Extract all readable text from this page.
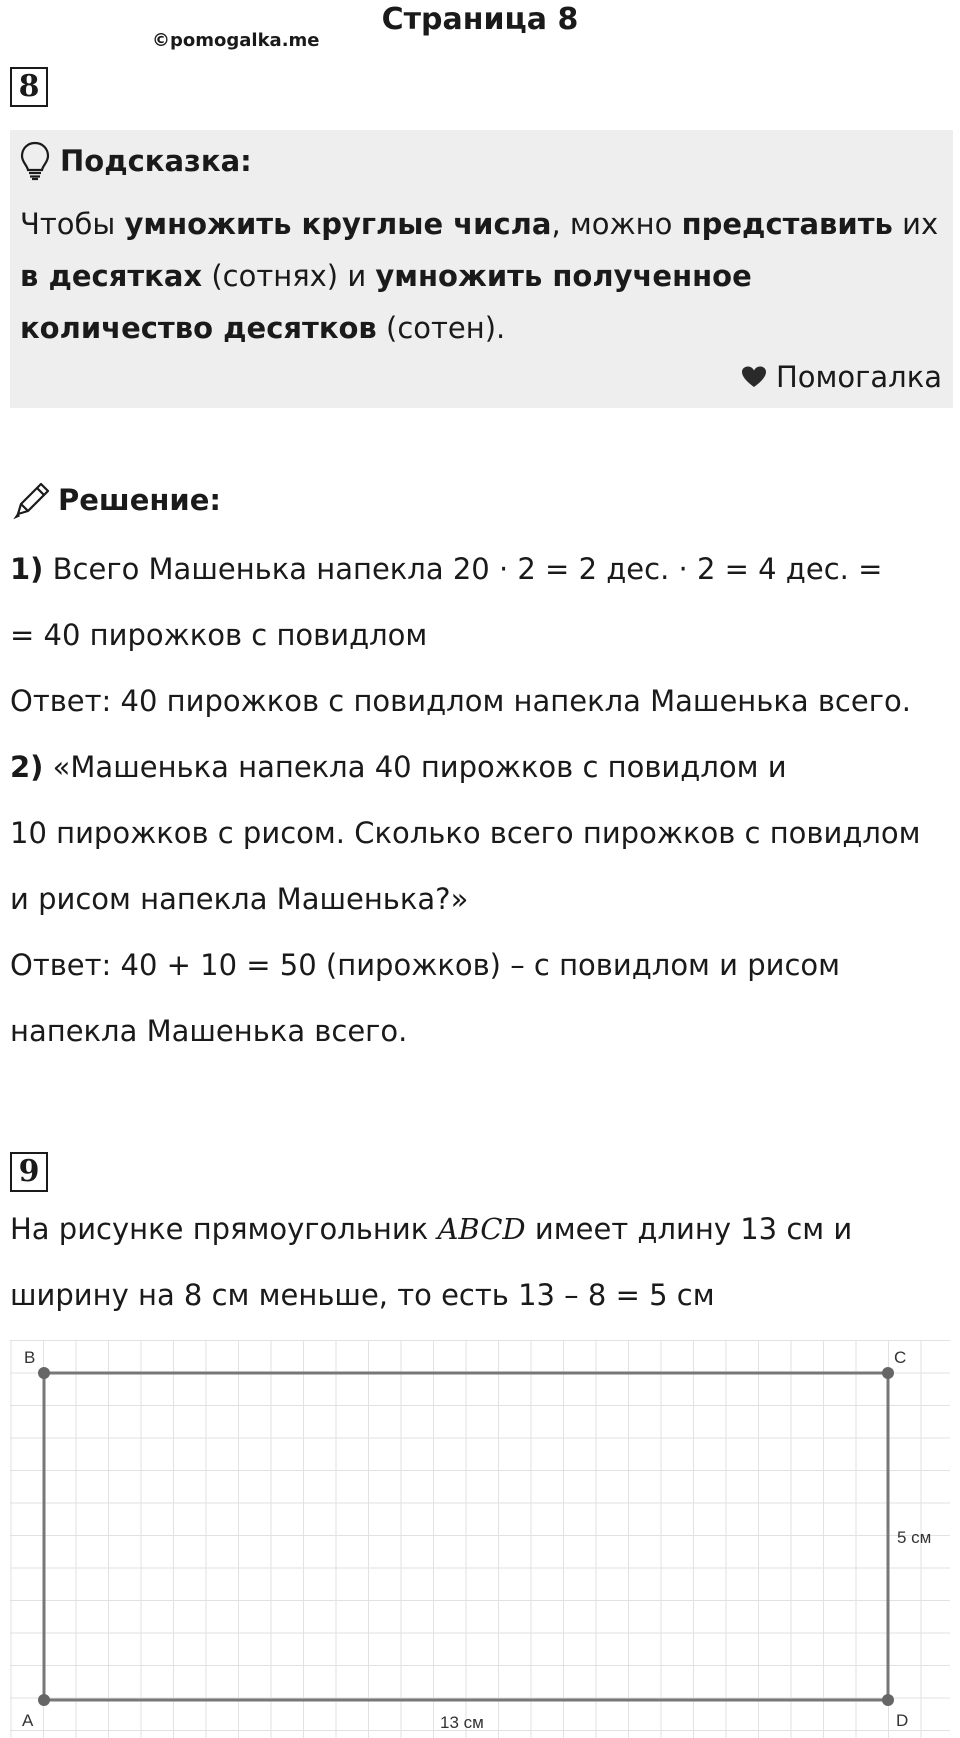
Страница 8
©pomogalka.me
8
Подсказка:
Чтобы умножить круглые числа, можно представить их в десятках (сотнях) и умножить полученное количество десятков (сотен).
Помогалка
Решение:
1) Всего Машенька напекла 20 · 2 = 2 дес. · 2 = 4 дес. =
= 40 пирожков с повидлом
Ответ: 40 пирожков с повидлом напекла Машенька всего.
2) «Машенька напекла 40 пирожков с повидлом и
10 пирожков с рисом. Сколько всего пирожков с повидлом
и рисом напекла Машенька?»
Ответ: 40 + 10 = 50 (пирожков) – с повидлом и рисом
напекла Машенька всего.
9
На рисунке прямоугольник ABCD имеет длину 13 см и
ширину на 8 см меньше, то есть 13 – 8 = 5 см
B	C
A	D
5 см
13 см
